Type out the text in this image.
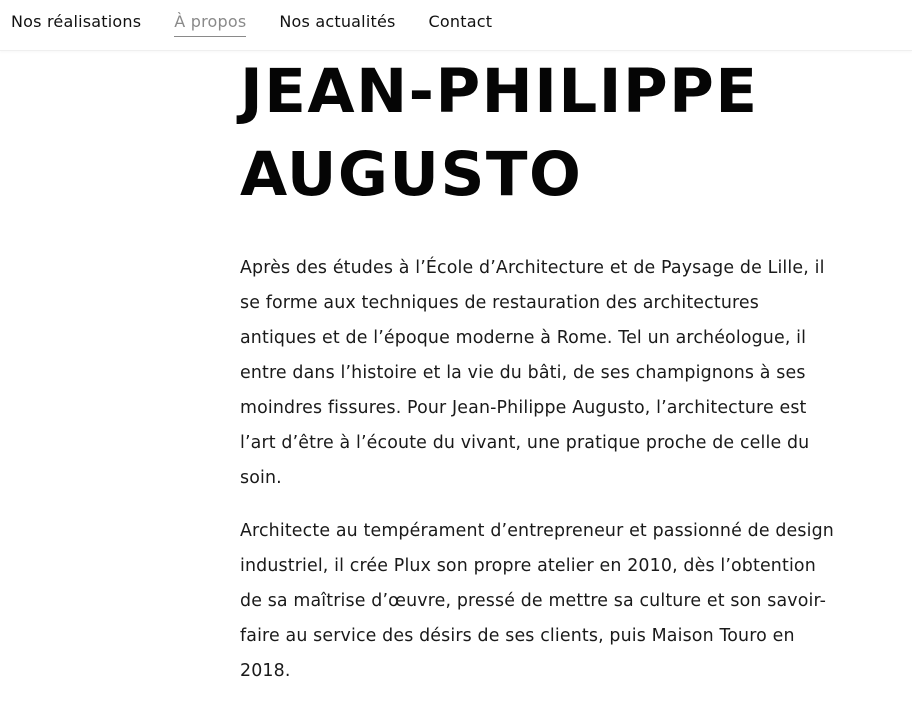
Nos réalisations À propos Nos actualités Contact
JEAN-PHILIPPE
AUGUSTO

Après des études à l’École d’Architecture et de Paysage de Lille, il se forme aux techniques de restauration des architectures antiques et de l’époque moderne à Rome. Tel un archéologue, il entre dans l’histoire et la vie du bâti, de ses champignons à ses moindres fissures. Pour Jean-Philippe Augusto, l’architecture est l’art d’être à l’écoute du vivant, une pratique proche de celle du soin.

Architecte au tempérament d’entrepreneur et passionné de design industriel, il crée Plux son propre atelier en 2010, dès l’obtention de sa maîtrise d’œuvre, pressé de mettre sa culture et son savoir-faire au service des désirs de ses clients, puis Maison Touro en 2018.
